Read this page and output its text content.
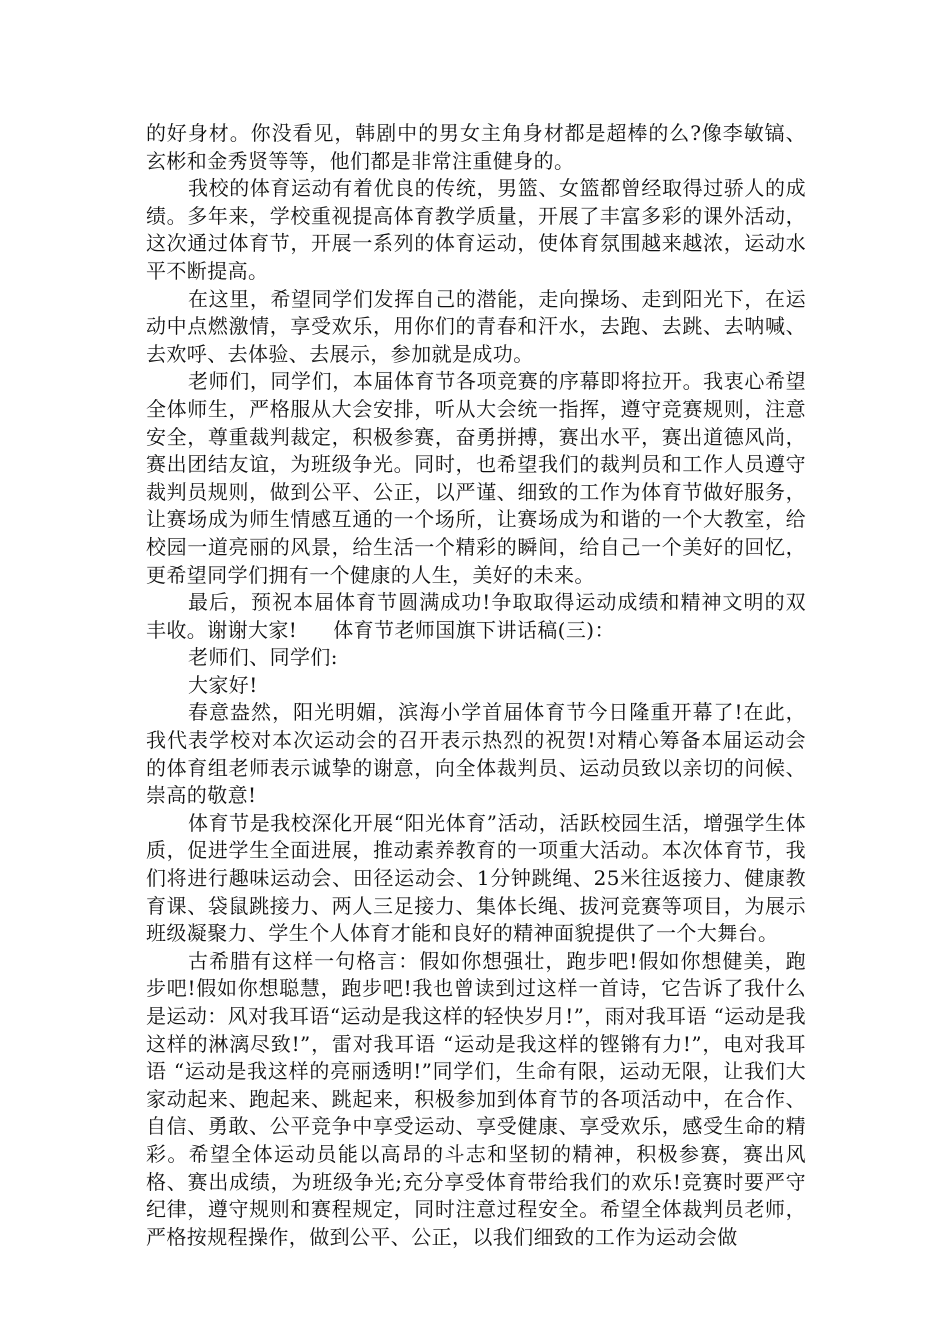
的好身材。你没看见，韩剧中的男女主角身材都是超棒的么?像李敏镐、玄彬和金秀贤等等，他们都是非常注重健身的。

我校的体育运动有着优良的传统，男篮、女篮都曾经取得过骄人的成绩。多年来，学校重视提高体育教学质量，开展了丰富多彩的课外活动，这次通过体育节，开展一系列的体育运动，使体育氛围越来越浓，运动水平不断提高。

在这里，希望同学们发挥自己的潜能，走向操场、走到阳光下，在运动中点燃激情，享受欢乐，用你们的青春和汗水，去跑、去跳、去呐喊、去欢呼、去体验、去展示，参加就是成功。

老师们，同学们，本届体育节各项竞赛的序幕即将拉开。我衷心希望全体师生，严格服从大会安排，听从大会统一指挥，遵守竞赛规则，注意安全，尊重裁判裁定，积极参赛，奋勇拼搏，赛出水平，赛出道德风尚，赛出团结友谊，为班级争光。同时，也希望我们的裁判员和工作人员遵守裁判员规则，做到公平、公正，以严谨、细致的工作为体育节做好服务，让赛场成为师生情感互通的一个场所，让赛场成为和谐的一个大教室，给校园一道亮丽的风景，给生活一个精彩的瞬间，给自己一个美好的回忆，更希望同学们拥有一个健康的人生，美好的未来。

最后，预祝本届体育节圆满成功!争取取得运动成绩和精神文明的双丰收。谢谢大家! 体育节老师国旗下讲话稿(三)：

老师们、同学们:

大家好!

春意盎然，阳光明媚，滨海小学首届体育节今日隆重开幕了!在此，我代表学校对本次运动会的召开表示热烈的祝贺!对精心筹备本届运动会的体育组老师表示诚挚的谢意，向全体裁判员、运动员致以亲切的问候、崇高的敬意!

体育节是我校深化开展“阳光体育”活动，活跃校园生活，增强学生体质，促进学生全面进展，推动素养教育的一项重大活动。本次体育节，我们将进行趣味运动会、田径运动会、1分钟跳绳、25米往返接力、健康教育课、袋鼠跳接力、两人三足接力、集体长绳、拔河竞赛等项目，为展示班级凝聚力、学生个人体育才能和良好的精神面貌提供了一个大舞台。

古希腊有这样一句格言：假如你想强壮，跑步吧!假如你想健美，跑步吧!假如你想聪慧，跑步吧!我也曾读到过这样一首诗，它告诉了我什么是运动：风对我耳语“运动是我这样的轻快岁月!”，雨对我耳语 “运动是我这样的淋漓尽致!”，雷对我耳语 “运动是我这样的铿锵有力!”，电对我耳语 “运动是我这样的亮丽透明!”同学们，生命有限，运动无限，让我们大家动起来、跑起来、跳起来，积极参加到体育节的各项活动中，在合作、自信、勇敢、公平竞争中享受运动、享受健康、享受欢乐，感受生命的精彩。希望全体运动员能以高昂的斗志和坚韧的精神，积极参赛，赛出风格、赛出成绩，为班级争光;充分享受体育带给我们的欢乐!竞赛时要严守纪律，遵守规则和赛程规定，同时注意过程安全。希望全体裁判员老师，严格按规程操作，做到公平、公正，以我们细致的工作为运动会做
